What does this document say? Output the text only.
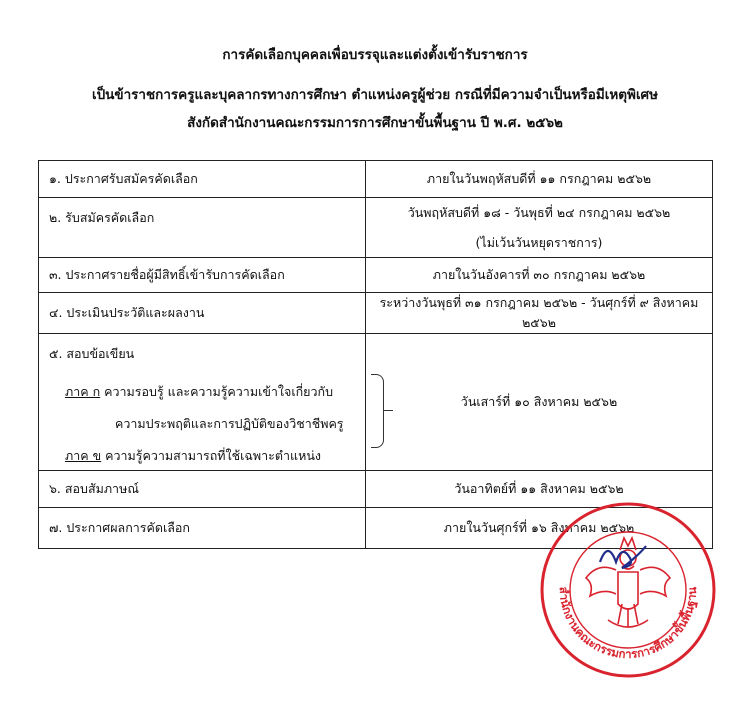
การคัดเลือกบุคคลเพื่อบรรจุและแต่งตั้งเข้ารับราชการ
เป็นข้าราชการครูและบุคลากรทางการศึกษา ตำแหน่งครูผู้ช่วย กรณีที่มีความจำเป็นหรือมีเหตุพิเศษ
สังกัดสำนักงานคณะกรรมการการศึกษาขั้นพื้นฐาน ปี พ.ศ. ๒๕๖๒
๑. ประกาศรับสมัครคัดเลือก	ภายในวันพฤหัสบดีที่ ๑๑ กรกฎาคม ๒๕๖๒
๒. รับสมัครคัดเลือก	วันพฤหัสบดีที่ ๑๘ - วันพุธที่ ๒๔ กรกฎาคม ๒๕๖๒
(ไม่เว้นวันหยุดราชการ)

๓. ประกาศรายชื่อผู้มีสิทธิ์เข้ารับการคัดเลือก	ภายในวันอังคารที่ ๓๐ กรกฎาคม ๒๕๖๒
๔. ประเมินประวัติและผลงาน	ระหว่างวันพุธที่ ๓๑ กรกฎาคม ๒๕๖๒ - วันศุกร์ที่ ๙ สิงหาคม ๒๕๖๒

๕. สอบข้อเขียน
ภาค ก ความรอบรู้ และความรู้ความเข้าใจเกี่ยวกับ
ความประพฤติและการปฏิบัติของวิชาชีพครู
ภาค ข ความรู้ความสามารถที่ใช้เฉพาะตำแหน่ง	วันเสาร์ที่ ๑๐ สิงหาคม ๒๕๖๒
๖. สอบสัมภาษณ์	วันอาทิตย์ที่ ๑๑ สิงหาคม ๒๕๖๒
๗. ประกาศผลการคัดเลือก	ภายในวันศุกร์ที่ ๑๖ สิงหาคม ๒๕๖๒
สำนักงานคณะกรรมการการศึกษาขั้นพื้นฐาน
